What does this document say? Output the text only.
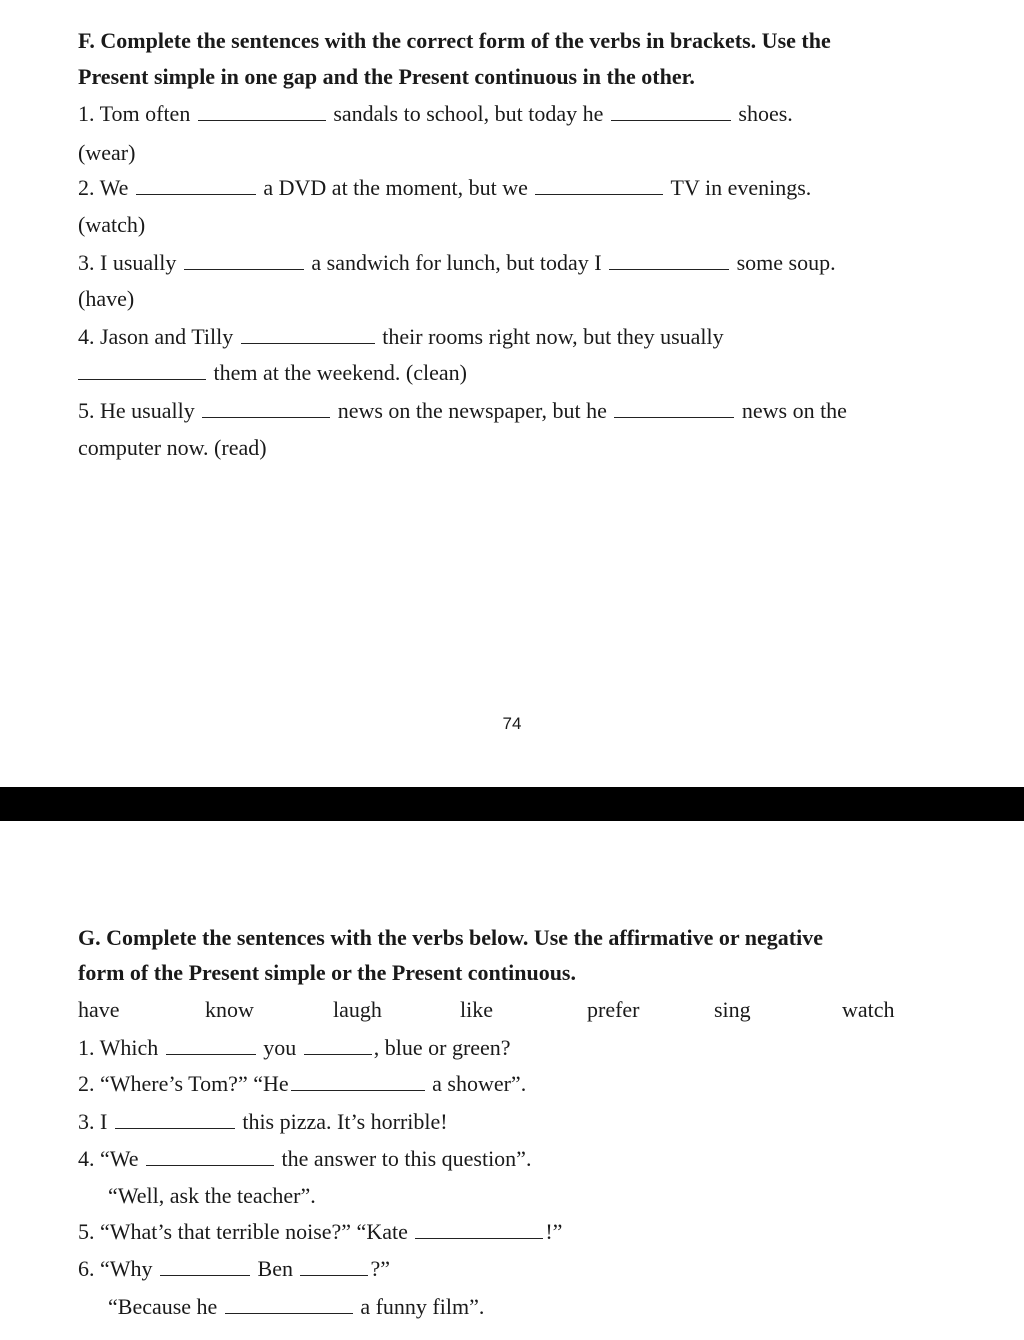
F. Complete the sentences with the correct form of the verbs in brackets. Use the
Present simple in one gap and the Present continuous in the other.
1. Tom often	sandals to school, but today he	shoes.
(wear)
2. We	a DVD at the moment, but we	TV in evenings.
(watch)
3. I usually	a sandwich for lunch, but today I	some soup.
(have)
4. Jason and Tilly	their rooms right now, but they usually
them at the weekend. (clean)
5. He usually	news on the newspaper, but he	news on the
computer now. (read)
74
G. Complete the sentences with the verbs below. Use the affirmative or negative
form of the Present simple or the Present continuous.
have	know	laugh	like	prefer	sing	watch
1. Which	you	, blue or green?
2. “Where’s Tom?” “He	a shower”.
3. I	this pizza. It’s horrible!
4. “We	the answer to this question”.
“Well, ask the teacher”.
5. “What’s that terrible noise?” “Kate	!”
6. “Why	Ben	?”
“Because he	a funny film”.
